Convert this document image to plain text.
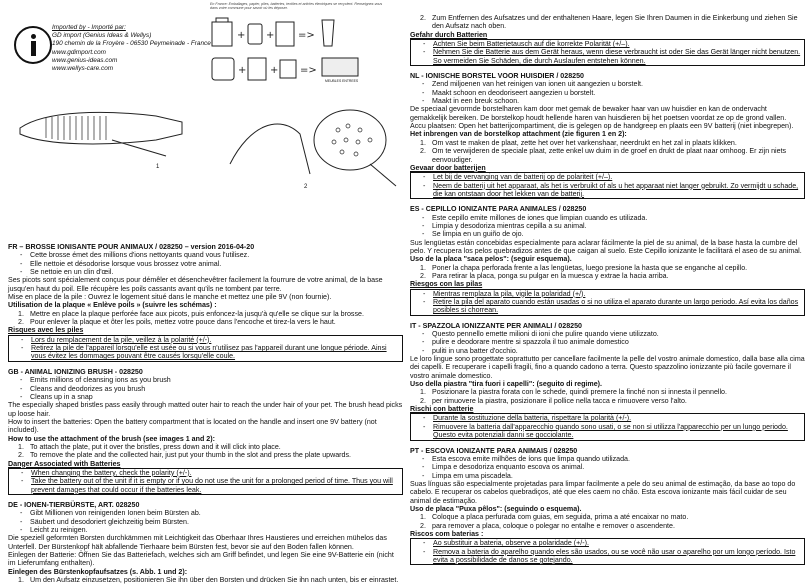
Imported by - Importé par:
GD import (Genius Ideas & Wellys)
190 chemin de la Froyère - 06530 Peymeinade - France
www.gdimport.com
www.genius-ideas.com
www.wellys-care.com
En France: Emballages, papier, piles, batteries, textiles et articles électriques se recyclent. Renseignez-vous dans votre commune pour savoir où les déposer.
+ + =>
+ + =>
MEUBLES ENTREES
1
2

FR – BROSSE IONISANTE POUR ANIMAUX / 028250 – version 2016-04-20

- Cette brosse émet des millions d'ions nettoyants quand vous l'utilisez.
- Elle nettoie et désodorise lorsque vous brossez votre animal.
- Se nettoie en un clin d'œil.

Ses picots sont spécialement conçus pour démêler et désenchevêtrer facilement la fourrure de votre animal, de la base jusqu'en haut du poil. Elle récupère les poils cassants avant qu'ils ne tombent par terre.

Mise en place de la pile : Ouvrez le logement situé dans le manche et mettez une pile 9V (non fournie).

Utilisation de la plaque « Enlève poils » (suivre les schémas) :

1. Mettre en place la plaque perforée face aux picots, puis enfoncez-la jusqu'à qu'elle se clique sur la brosse.
2. Pour enlever la plaque et ôter les poils, mettez votre pouce dans l'encoche et tirez-la vers le haut.

Risques avec les piles

- Lors du remplacement de la pile, veillez à la polarité (+/-).
- Retirez la pile de l'appareil lorsqu'elle est usée ou si vous n'utilisez pas l'appareil durant une longue période. Ainsi vous évitez les dommages pouvant être causés lorsqu'elle coule.

GB - ANIMAL IONIZING BRUSH - 028250

- Emits millions of cleansing ions as you brush
- Cleans and deodorizes as you brush
- Cleans up in a snap

The especially shaped bristles pass easily through matted outer hair to reach the under hair of your pet. The brush head picks up loose hair.

How to insert the batteries: Open the battery compartment that is located on the handle and insert one 9V battery (not included).

How to use the attachment of the brush (see images 1 and 2):

1. To attach the plate, put it over the bristles, press down and it will click into place.
2. To remove the plate and the collected hair, just put your thumb in the slot and press the plate upwards.

Danger Associated with Batteries

- When changing the battery, check the polarity (+/-).
- Take the battery out of the unit if it is empty or if you do not use the unit for a prolonged period of time. Thus you will prevent damages that could occur if the batteries leak.

DE - IONEN-TIERBÜRSTE, ART. 028250

- Gibt Millionen von reinigenden Ionen beim Bürsten ab.
- Säubert und desodoriert gleichzeitig beim Bürsten.
- Leicht zu reinigen.

Die speziell geformten Borsten durchkämmen mit Leichtigkeit das Oberhaar Ihres Haustieres und erreichen mühelos das Unterfell. Der Bürstenkopf hält abfallende Tierhaare beim Bürsten fest, bevor sie auf den Boden fallen können.

Einlegen der Batterie: Öffnen Sie das Batteriefach, welches sich am Griff befindet, und legen Sie eine 9V-Batterie ein (nicht im Lieferumfang enthalten).

Einlegen des Bürstenkopfaufsatzes (s. Abb. 1 und 2):

1. Um den Aufsatz einzusetzen, positionieren Sie ihn über den Borsten und drücken Sie ihn nach unten, bis er einrastet.
2. Zum Entfernen des Aufsatzes und der enthaltenen Haare, legen Sie Ihren Daumen in die Einkerbung und ziehen Sie den Aufsatz nach oben.

Gefahr durch Batterien

- Achten Sie beim Batterietausch auf die korrekte Polarität (+/–).
- Nehmen Sie die Batterie aus dem Gerät heraus, wenn diese verbraucht ist oder Sie das Gerät länger nicht benutzen. So vermeiden Sie Schäden, die durch Auslaufen entstehen können.

NL - IONISCHE BORSTEL VOOR HUISDIER / 028250

- Zend miljoenen van het reinigen van ionen uit aangezien u borstelt.
- Maakt schoon en deodoriseert aangezien u borstelt.
- Maakt in een breuk schoon.

De speciaal gevormde borstelharen kam door met gemak de bewaker haar van uw huisdier en kan de ondervacht gemakkelijk bereiken. De borstelkop houdt hellende haren van huisdieren bij het poetsen voordat ze op de grond vallen.

Accu plaatsen: Open het batterijcompartiment, die is gelegen op de handgreep en plaats een 9V batterij (niet inbegrepen).

Het inbrengen van de borstelkop attachment (zie figuren 1 en 2):

1. Om vast te maken de plaat, zette het over het varkenshaar, neerdrukt en het zal in plaats klikken.
2. Om te verwijderen de speciale plaat, zette enkel uw duim in de groef en drukt de plaat naar omhoog. Er zijn niets eenvoudiger.

Gevaar door batterijen

- Let bij de vervanging van de batterij op de polariteit (+/–).
- Neem de batterij uit het apparaat, als het is verbruikt of als u het apparaat niet langer gebruikt. Zo vermijdt u schade, die kan ontstaan door het lekken van de batterij.

ES - CEPILLO IONIZANTE PARA ANIMALES / 028250

- Este cepillo emite millones de iones que limpian cuando es utilizada.
- Limpia y desodoriza mientras cepilla a su animal.
- Se limpia en un guiño de ojo.

Sus lengüetas están concebidas especialmente para aclarar fácilmente la piel de su animal, de la base hasta la cumbre del pelo. Y recupera los pelos quebradizos antes de que caigan al suelo. Este Cepillo ionizante le facilitará el aseo de su animal.

Uso de la placa "saca pelos": (seguir esquema).

1. Poner la chapa perforada frente a las lengüetas, luego presione la hasta que se enganche al cepillo.
2. Para retirar la placa, ponga su pulgar en la muesca y extrae la hacia arriba.

Riesgos con las pilas

- Mientras remplaza la pila, vigile la polaridad (+/).
- Retire la pila del aparato cuando están usadas o si no utiliza el aparato durante un largo periodo. Así evita los daños posibles si chorrean.

IT - SPAZZOLA IONIZZANTE PER ANIMALI / 028250

- Questo pennello emette milioni di ioni che pulire quando viene utilizzato.
- pulire e deodorare mentre si spazzola il tuo animale domestico
- puliti in una batter d'occhio.

Le loro lingue sono progettate soprattutto per cancellare facilmente la pelle del vostro animale domestico, dalla base alla cima dei capelli. E recuperare i capelli fragili, fino a quando cadono a terra. Questo spazzolino ionizzante più facile governare il vostro animale domestico.

Uso della piastra "tira fuori i capelli": (seguito di regime).

1. Posizionare la piastra forata con le schede, quindi premere la finché non si innesta il pennello.
2. per rimuovere la piastra, posizionare il pollice nella tacca e rimuovere verso l'alto.

Rischi con batterie

- Durante la sostituzione della batteria, rispettare la polarità (+/-).
- Rimuovere la batteria dall'apparecchio quando sono usati, o se non si utilizza l'apparecchio per un lungo periodo. Questo evita potenziali danni se gocciolante.

PT - ESCOVA IONIZANTE PARA ANIMAIS / 028250

- Esta escova emite milhões de íons que limpa quando utilizada.
- Limpa e desodoriza enquanto escova os animal.
- Limpa em uma piscadela.

Suas línguas são especialmente projetadas para limpar facilmente a pele do seu animal de estimação, da base ao topo do cabelo. E recuperar os cabelos quebradiços, até que eles caem no chão. Esta escova ionizante mais fácil cuidar de seu animal de estimação.

Uso de placa "Puxa pêlos": (seguindo o esquema).

1. Coloque a placa perfurada com guias, em seguida, prima a até encaixar no mato.
2. para remover a placa, coloque o polegar no entalhe e remover o ascendente.

Riscos com baterias :

- Ao substituir a bateria, observe a polaridade (+/-).
- Remova a bateria do aparelho quando eles são usados, ou se você não usar o aparelho por um longo período. Isto evita a possibilidade de danos se gotejando.
